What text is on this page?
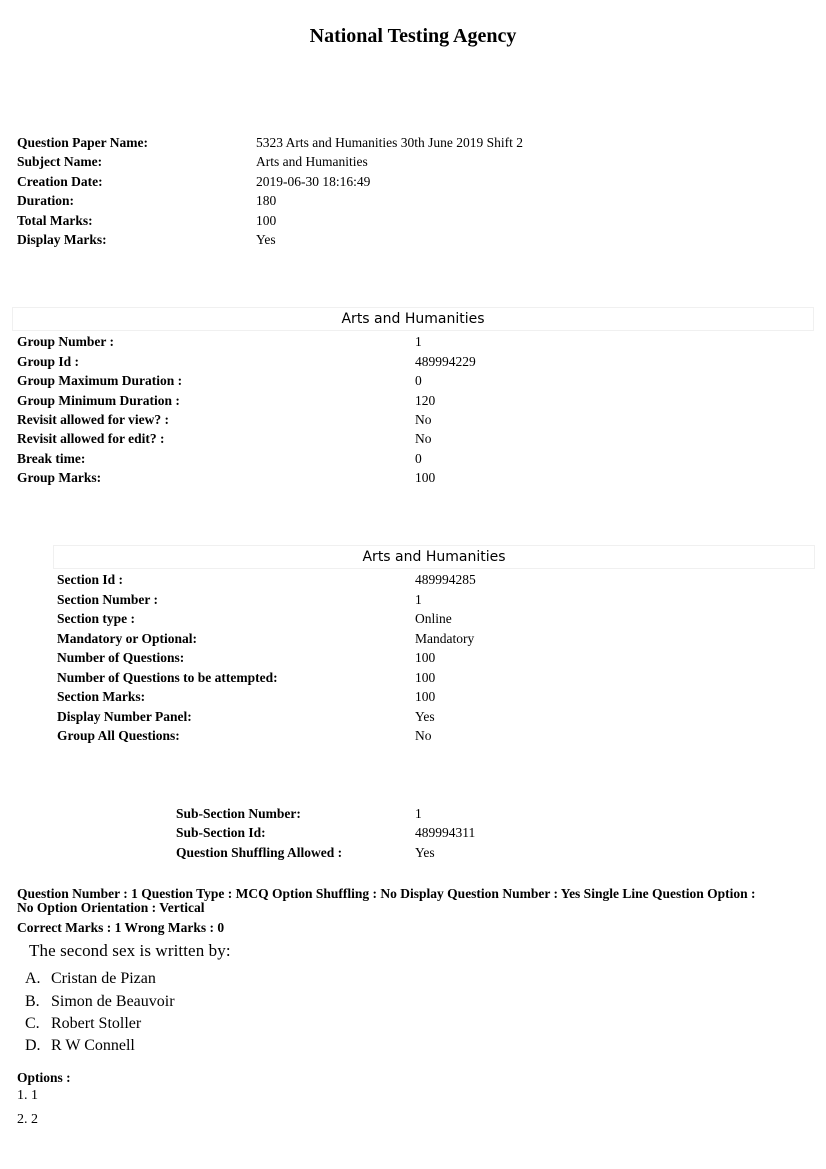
National Testing Agency
Question Paper Name:	5323 Arts and Humanities 30th June 2019 Shift 2
Subject Name:	Arts and Humanities
Creation Date:	2019-06-30 18:16:49
Duration:	180
Total Marks:	100
Display Marks:	Yes
Arts and Humanities
Group Number :	1
Group Id :	489994229
Group Maximum Duration :	0
Group Minimum Duration :	120
Revisit allowed for view? :	No
Revisit allowed for edit? :	No
Break time:	0
Group Marks:	100
Arts and Humanities
Section Id :	489994285
Section Number :	1
Section type :	Online
Mandatory or Optional:	Mandatory
Number of Questions:	100
Number of Questions to be attempted:	100
Section Marks:	100
Display Number Panel:	Yes
Group All Questions:	No
Sub-Section Number:	1
Sub-Section Id:	489994311
Question Shuffling Allowed :	Yes
Question Number : 1 Question Type : MCQ Option Shuffling : No Display Question Number : Yes Single Line Question Option :
No Option Orientation : Vertical
Correct Marks : 1 Wrong Marks : 0
The second sex is written by:
A. Cristan de Pizan
B. Simon de Beauvoir
C. Robert Stoller
D. R W Connell
Options :
1. 1
2. 2
